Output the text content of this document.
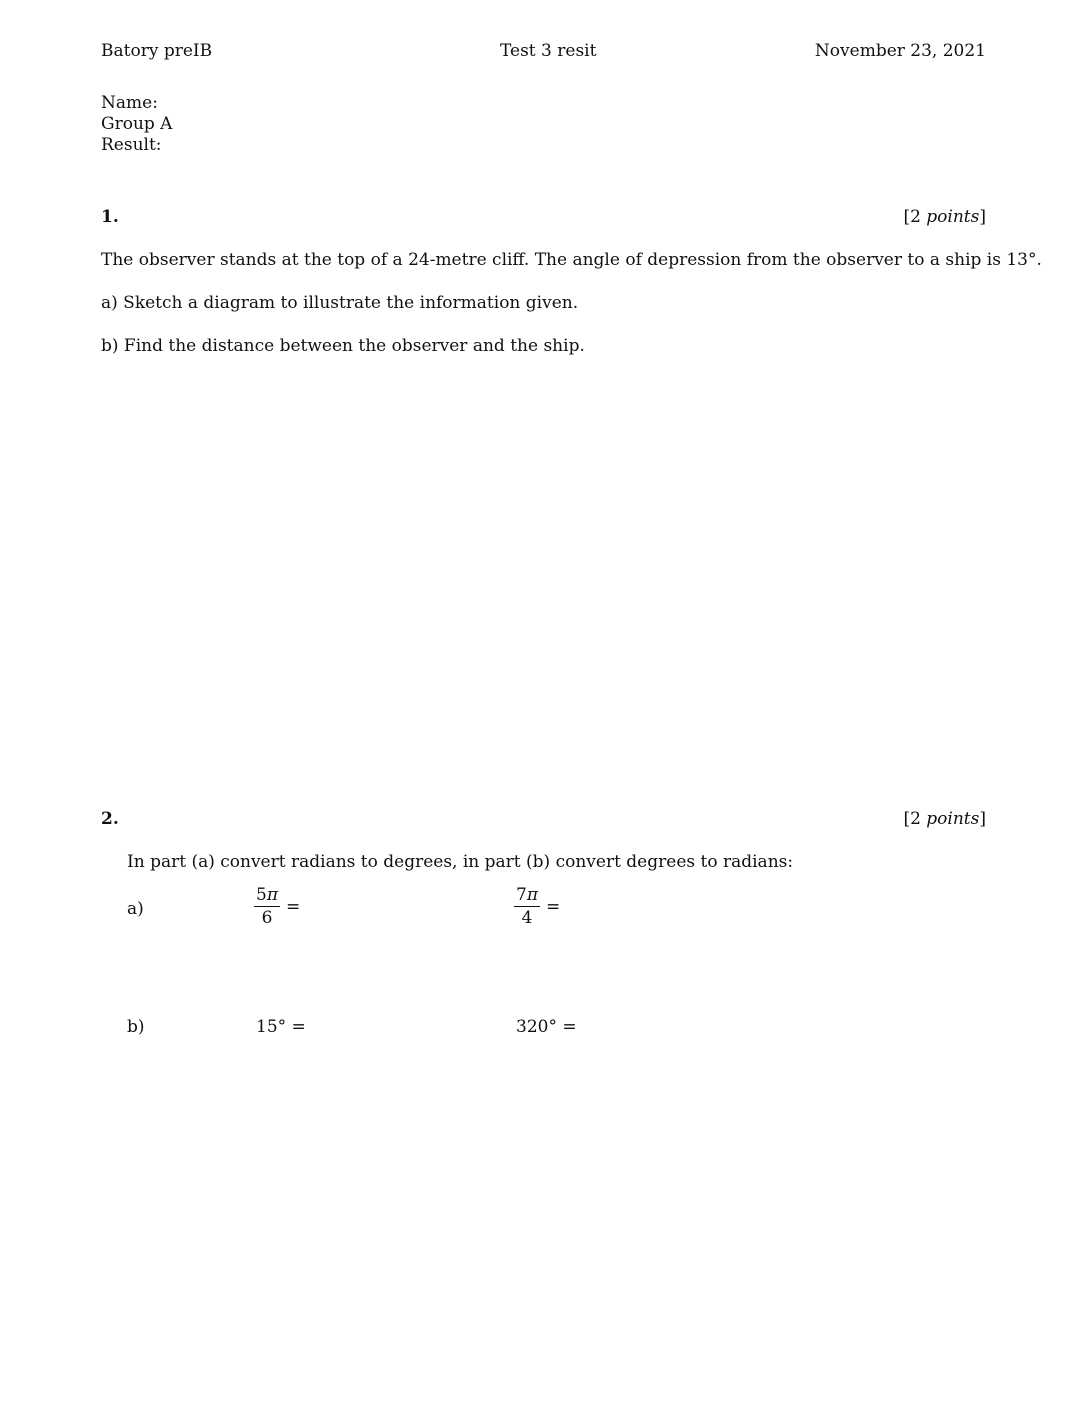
Batory preIB	Test 3 resit	November 23, 2021
Name:
Group A
Result:
1.	[2 points]
The observer stands at the top of a 24-metre cliff. The angle of depression from the observer to a ship is 13°.
a) Sketch a diagram to illustrate the information given.
b) Find the distance between the observer and the ship.
2.	[2 points]
In part (a) convert radians to degrees, in part (b) convert degrees to radians:
a)	$\frac{5\pi}{6}$ =	$\frac{7\pi}{4}$ =
b)	15° =	320° =
